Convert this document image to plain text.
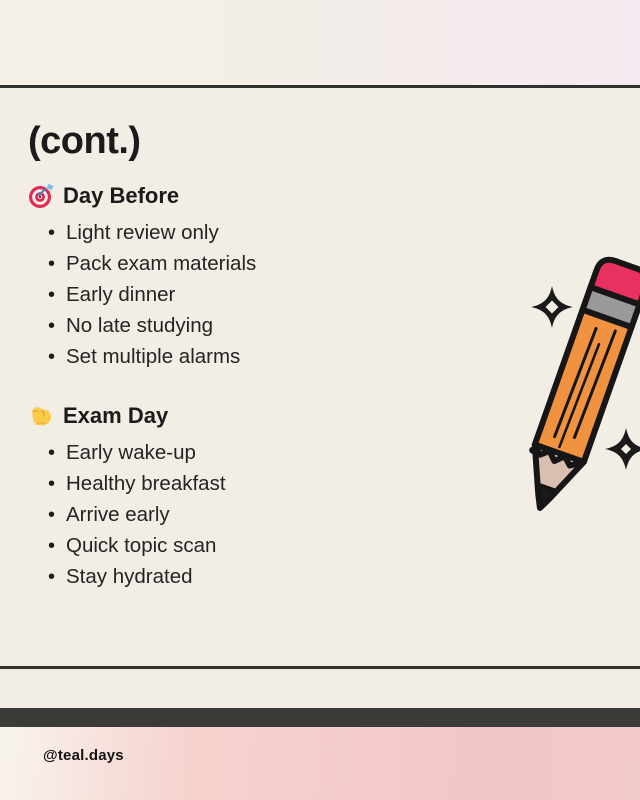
(cont.)
Day Before
• Light review only
• Pack exam materials
• Early dinner
• No late studying
• Set multiple alarms
Exam Day
• Early wake-up
• Healthy breakfast
• Arrive early
• Quick topic scan
• Stay hydrated
@teal.days
